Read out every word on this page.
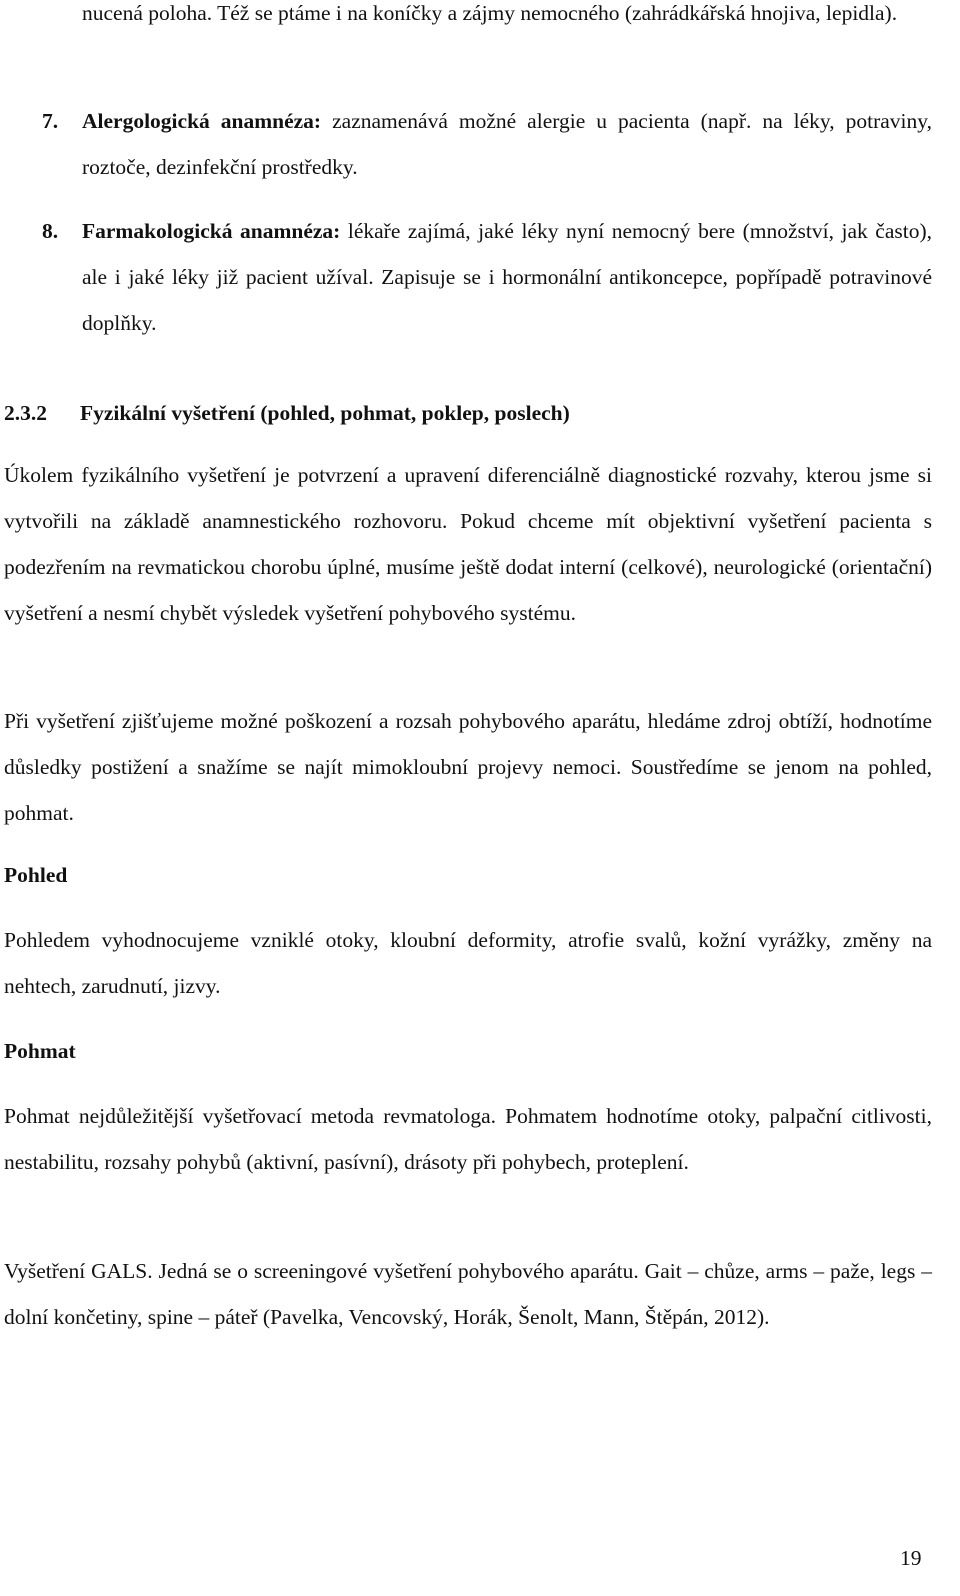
nucená poloha. Též se ptáme i na koníčky a zájmy nemocného (zahrádkářská hnojiva, lepidla).
7.	Alergologická anamnéza: zaznamenává možné alergie u pacienta (např. na léky, potraviny, roztoče, dezinfekční prostředky.
8.	Farmakologická anamnéza: lékaře zajímá, jaké léky nyní nemocný bere (množství, jak často), ale i jaké léky již pacient užíval. Zapisuje se i hormonální antikoncepce, popřípadě potravinové doplňky.
2.3.2 Fyzikální vyšetření (pohled, pohmat, poklep, poslech)
Úkolem fyzikálního vyšetření je potvrzení a upravení diferenciálně diagnostické rozvahy, kterou jsme si vytvořili na základě anamnestického rozhovoru. Pokud chceme mít objektivní vyšetření pacienta s podezřením na revmatickou chorobu úplné, musíme ještě dodat interní (celkové), neurologické (orientační) vyšetření a nesmí chybět výsledek vyšetření pohybového systému.
Při vyšetření zjišťujeme možné poškození a rozsah pohybového aparátu, hledáme zdroj obtíží, hodnotíme důsledky postižení a snažíme se najít mimokloubní projevy nemoci. Soustředíme se jenom na pohled, pohmat.
Pohled
Pohledem vyhodnocujeme vzniklé otoky, kloubní deformity, atrofie svalů, kožní vyrážky, změny na nehtech, zarudnutí, jizvy.
Pohmat
Pohmat nejdůležitější vyšetřovací metoda revmatologa. Pohmatem hodnotíme otoky, palpační citlivosti, nestabilitu, rozsahy pohybů (aktivní, pasívní), drásoty při pohybech, proteplení.
Vyšetření GALS. Jedná se o screeningové vyšetření pohybového aparátu. Gait – chůze, arms – paže, legs – dolní končetiny, spine – páteř (Pavelka, Vencovský, Horák, Šenolt, Mann, Štěpán, 2012).
19
